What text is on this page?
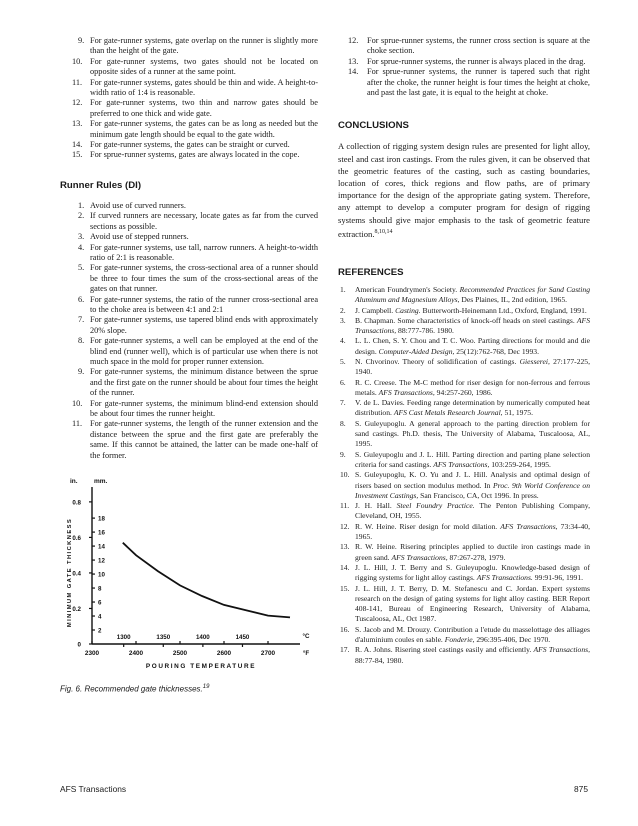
9. For gate-runner systems, gate overlap on the runner is slightly more than the height of the gate.
10. For gate-runner systems, two gates should not be located on opposite sides of a runner at the same point.
11. For gate-runner systems, gates should be thin and wide. A height-to-width ratio of 1:4 is reasonable.
12. For gate-runner systems, two thin and narrow gates should be preferred to one thick and wide gate.
13. For gate-runner systems, the gates can be as long as needed but the minimum gate length should be equal to the gate width.
14. For gate-runner systems, the gates can be straight or curved.
15. For sprue-runner systems, gates are always located in the cope.
Runner Rules (DI)
1. Avoid use of curved runners.
2. If curved runners are necessary, locate gates as far from the curved sections as possible.
3. Avoid use of stepped runners.
4. For gate-runner systems, use tall, narrow runners. A height-to-width ratio of 2:1 is reasonable.
5. For gate-runner systems, the cross-sectional area of a runner should be three to four times the sum of the cross-sectional areas of the gates on that runner.
6. For gate-runner systems, the ratio of the runner cross-sectional area to the choke area is between 4:1 and 2:1
7. For gate-runner systems, use tapered blind ends with approximately 20% slope.
8. For gate-runner systems, a well can be employed at the end of the blind end (runner well), which is of particular use when there is not much space in the mold for proper runner extension.
9. For gate-runner systems, the minimum distance between the sprue and the first gate on the runner should be about four times the height of the runner.
10. For gate-runner systems, the minimum blind-end extension should be about four times the runner height.
11. For gate-runner systems, the length of the runner extension and the distance between the sprue and the first gate are preferably the same. If this cannot be attained, the latter can be made one-half of the former.
in.	mm.
0.8
0.6
0.4
0.2
0
18
16
14
12
10
8
6
4
2
MINIMUM GATE THICKNESS
2300	2400	2500	2600	2700
1300	1350	1400	1450	°C
°F
POURING TEMPERATURE
Fig. 6. Recommended gate thicknesses.$^{19}$
12. For sprue-runner systems, the runner cross section is square at the choke section.
13. For sprue-runner systems, the runner is always placed in the drag.
14. For sprue-runner systems, the runner is tapered such that right after the choke, the runner height is four times the height at choke, and past the last gate, it is equal to the height at choke.
CONCLUSIONS

A collection of rigging system design rules are presented for light alloy, steel and cast iron castings. From the rules given, it can be observed that the geometric features of the casting, such as casting boundaries, location of cores, thick regions and flow paths, are of primary importance for the design of the appropriate gating system. Therefore, any attempt to develop a computer program for design of rigging systems should give major emphasis to the task of geometric feature extraction.$^{8,10,14}$

REFERENCES
1. American Foundrymen's Society. Recommended Practices for Sand Casting Aluminum and Magnesium Alloys, Des Plaines, IL, 2nd edition, 1965.
2. J. Campbell. Casting. Butterworth-Heinemann Ltd., Oxford, England, 1991.
3. B. Chapman. Some characteristics of knock-off heads on steel castings. AFS Transactions, 88:777-786. 1980.
4. L. L. Chen, S. Y. Chou and T. C. Woo. Parting directions for mould and die design. Computer-Aided Design, 25(12):762-768, Dec 1993.
5. N. Chvorinov. Theory of solidification of castings. Giesserei, 27:177-225, 1940.
6. R. C. Creese. The M-C method for riser design for non-ferrous and ferrous metals. AFS Transactions, 94:257-260, 1986.
7. V. de L. Davies. Feeding range determination by numerically computed heat distribution. AFS Cast Metals Research Journal, 51, 1975.
8. S. Guleyupoglu. A general approach to the parting direction problem for sand castings. Ph.D. thesis, The University of Alabama, Tuscaloosa, AL, 1995.
9. S. Guleyupoglu and J. L. Hill. Parting direction and parting plane selection criteria for sand castings. AFS Transactions, 103:259-264, 1995.
10. S. Guleyupoglu, K. O. Yu and J. L. Hill. Analysis and optimal design of risers based on section modulus method. In Proc. 9th World Conference on Investment Castings, San Francisco, CA, Oct 1996. In press.
11. J. H. Hall. Steel Foundry Practice. The Penton Publishing Company, Cleveland, OH, 1955.
12. R. W. Heine. Riser design for mold dilation. AFS Transactions, 73:34-40, 1965.
13. R. W. Heine. Risering principles applied to ductile iron castings made in green sand. AFS Transactions, 87:267-278, 1979.
14. J. L. Hill, J. T. Berry and S. Guleyupoglu. Knowledge-based design of rigging systems for light alloy castings. AFS Transactions. 99:91-96, 1991.
15. J. L. Hill, J. T. Berry, D. M. Stefanescu and C. Jordan. Expert systems research on the design of gating systems for light alloy casting. BER Report 408-141, Bureau of Engineering Research, University of Alabama, Tuscaloosa, AL, Oct 1987.
16. S. Jacob and M. Drouzy. Contribution a l'etude du masselottage des alliages d'aluminium coules en sable. Fonderie, 296:395-406, Dec 1970.
17. R. A. Johns. Risering steel castings easily and efficiently. AFS Transactions, 88:77-84, 1980.
AFS Transactions	875
